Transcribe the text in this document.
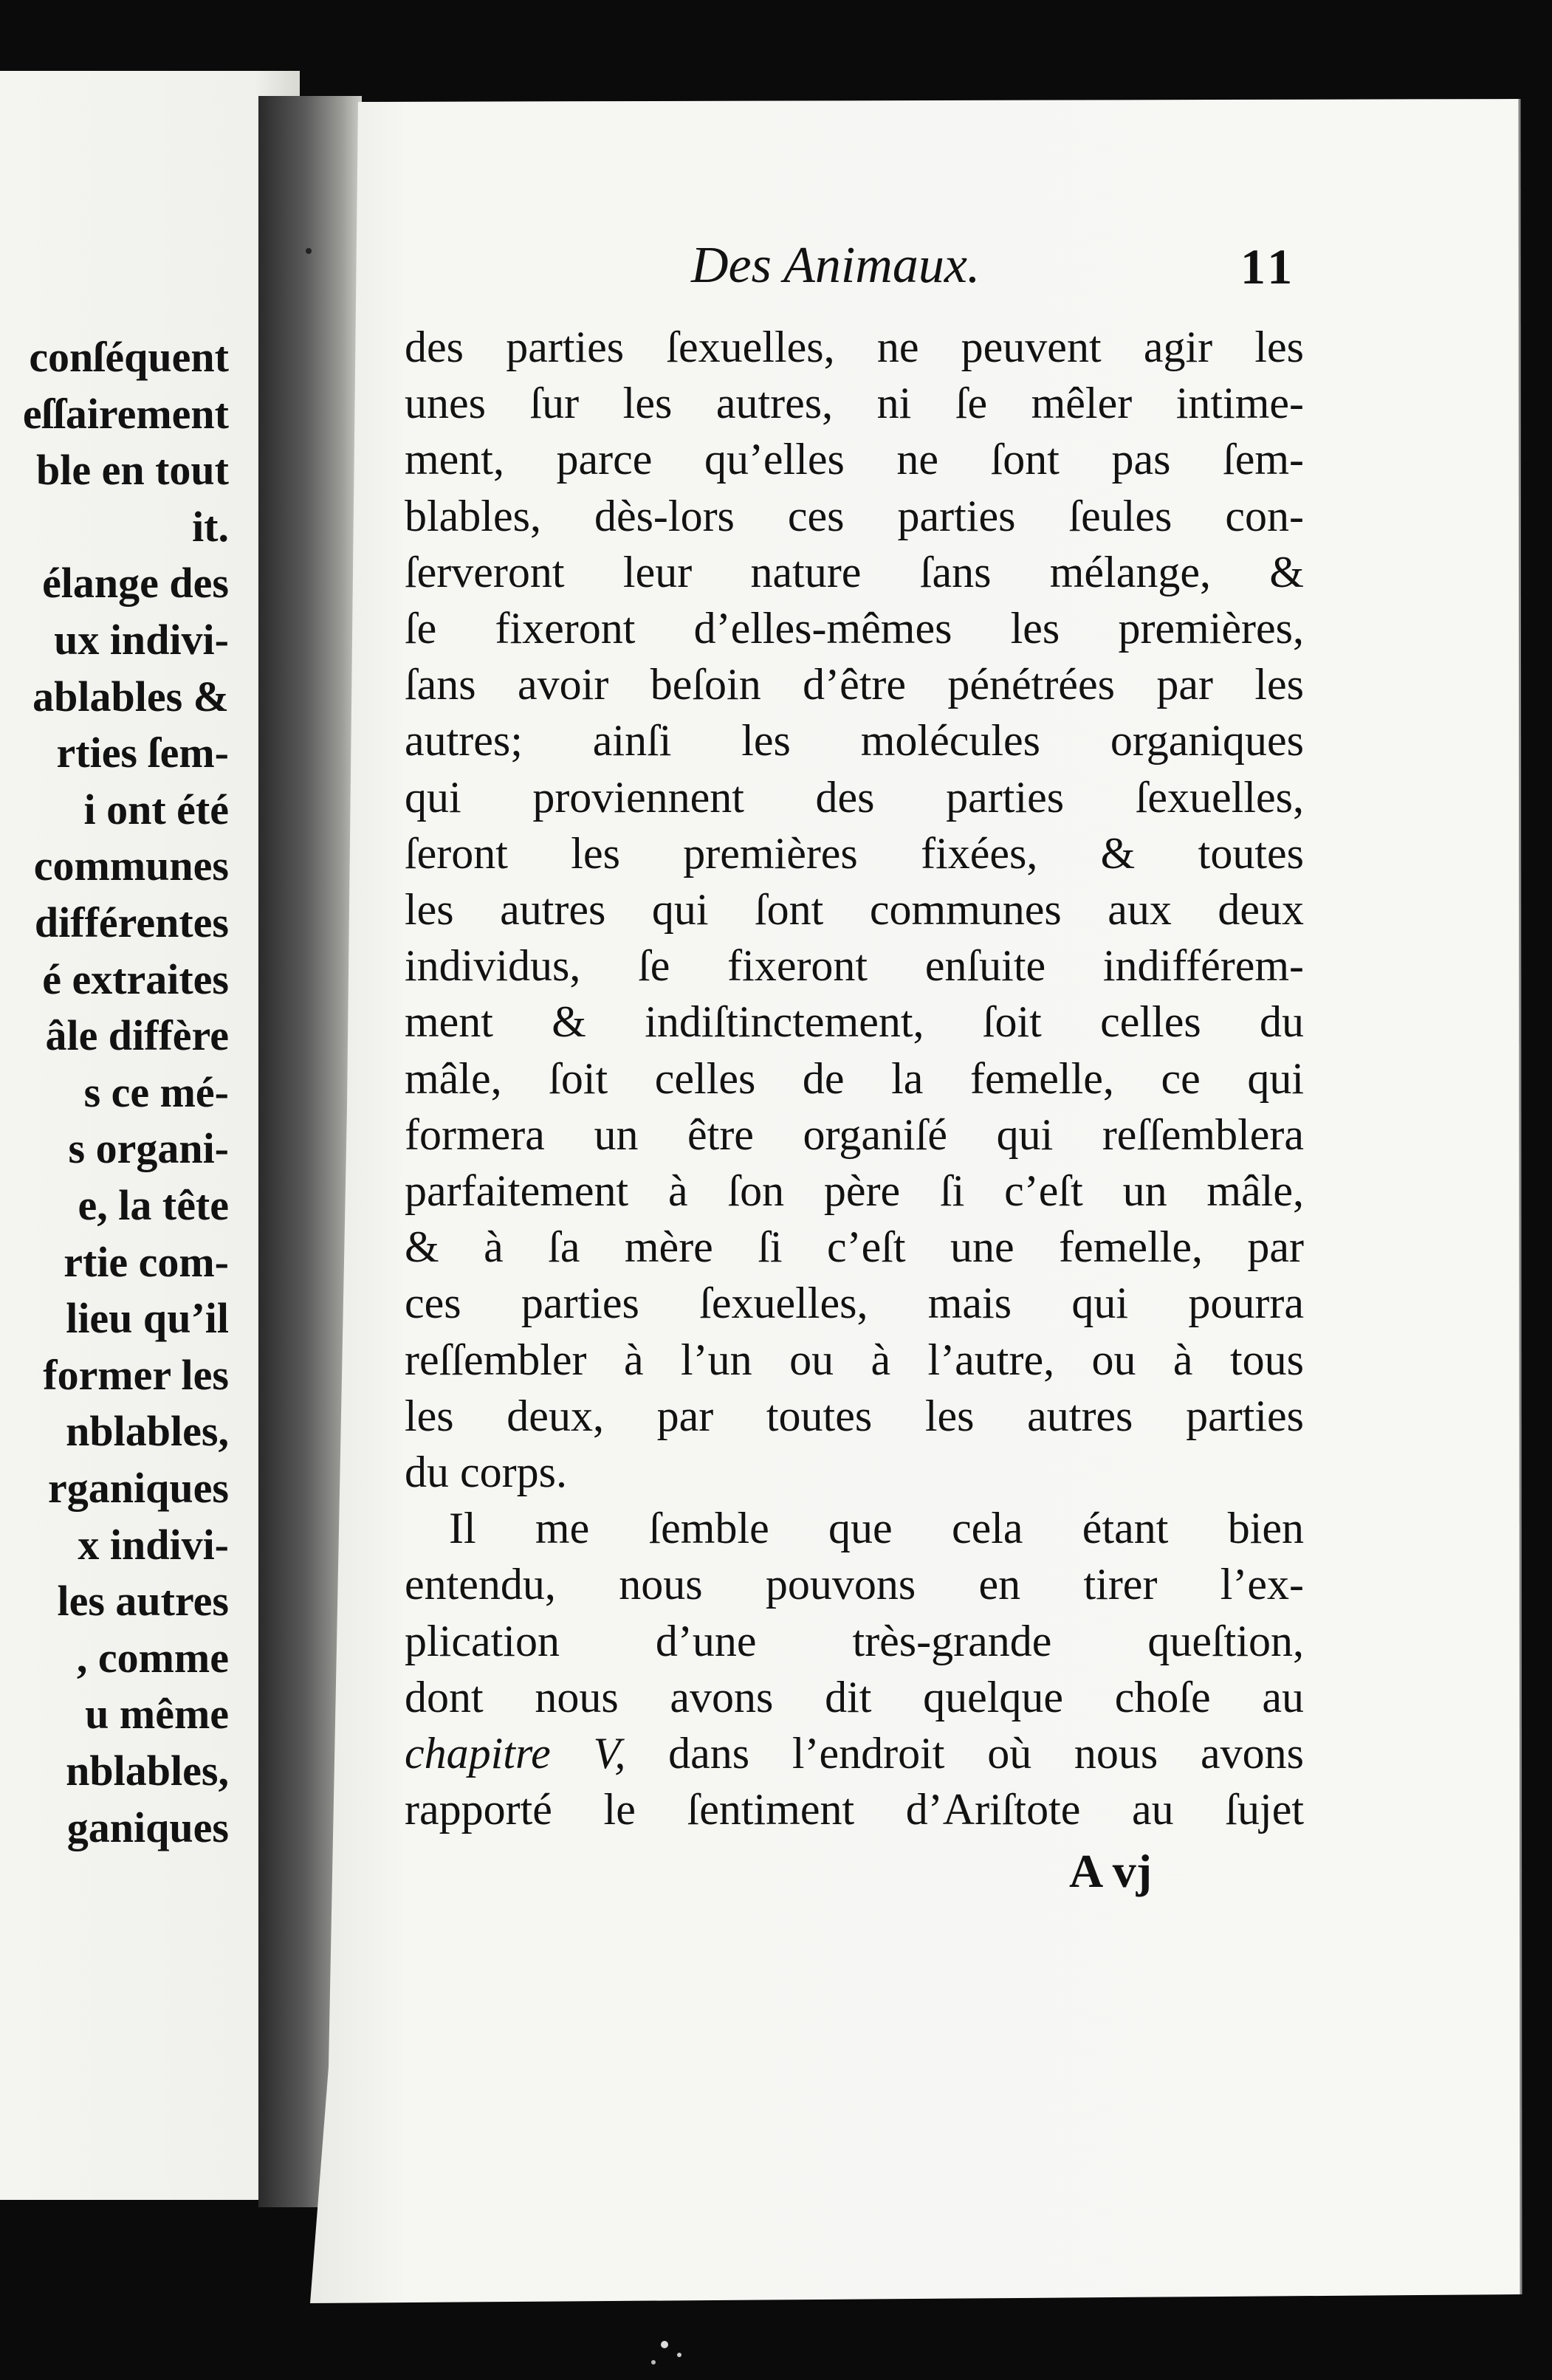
Des Animaux.	11
des parties ſexuelles, ne peuvent agir les
unes ſur les autres, ni ſe mêler intime-
ment, parce qu’elles ne ſont pas ſem-
blables, dès-lors ces parties ſeules con-
ſerveront leur nature ſans mélange, &
ſe fixeront d’elles-mêmes les premières,
ſans avoir beſoin d’être pénétrées par les
autres; ainſi les molécules organiques
qui proviennent des parties ſexuelles,
ſeront les premières fixées, & toutes
les autres qui ſont communes aux deux
individus, ſe fixeront enſuite indifférem-
ment & indiſtinctement, ſoit celles du
mâle, ſoit celles de la femelle, ce qui
formera un être organiſé qui reſſemblera
parfaitement à ſon père ſi c’eſt un mâle,
& à ſa mère ſi c’eſt une femelle, par
ces parties ſexuelles, mais qui pourra
reſſembler à l’un ou à l’autre, ou à tous
les deux, par toutes les autres parties
du corps.
Il me ſemble que cela étant bien
entendu, nous pouvons en tirer l’ex-
plication d’une très-grande queſtion,
dont nous avons dit quelque choſe au
chapitre V, dans l’endroit où nous avons
rapporté le ſentiment d’Ariſtote au ſujet
A vj
conſéquent
eſſairement
ble en tout
it.
élange des
ux indivi-
ablables &
rties ſem-
i ont été
communes
différentes
é extraites
âle diffère
s ce mé-
s organi-
e, la tête
rtie com-
lieu qu’il
former les
nblables,
rganiques
x indivi-
les autres
, comme
u même
nblables,
ganiques
